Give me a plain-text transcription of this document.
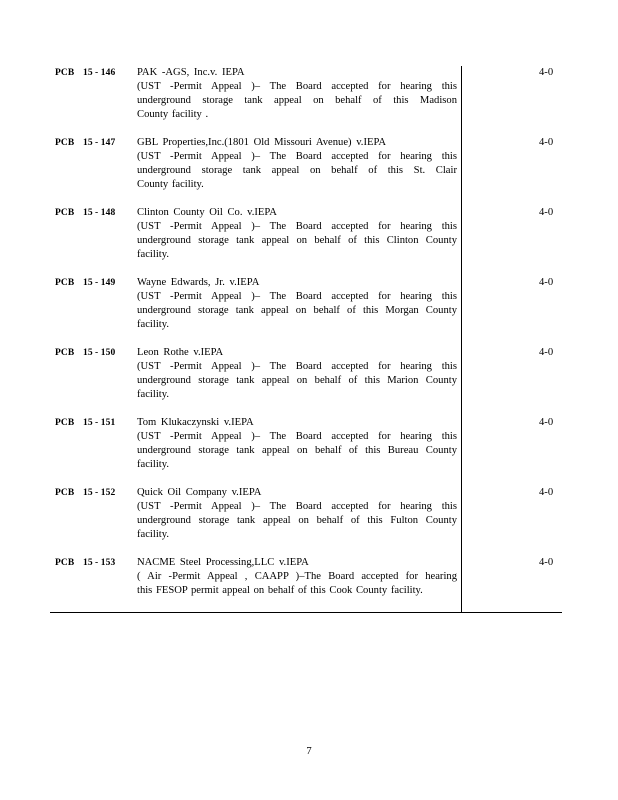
PCB 15 - 146 PAK -AGS, Inc.v. IEPA
(UST -Permit Appeal )– The Board accepted for hearing this
underground storage tank appeal on behalf of this Madison
County facility .
4-0
PCB 15 - 147 GBL Properties,Inc.(1801 Old Missouri Avenue) v.IEPA
(UST -Permit Appeal )– The Board accepted for hearing this
underground storage tank appeal on behalf of this St. Clair
County facility.
4-0
PCB 15 - 148 Clinton County Oil Co. v.IEPA
(UST -Permit Appeal )– The Board accepted for hearing this
underground storage tank appeal on behalf of this Clinton County
facility.
4-0
PCB 15 - 149 Wayne Edwards, Jr. v.IEPA
(UST -Permit Appeal )– The Board accepted for hearing this
underground storage tank appeal on behalf of this Morgan County
facility.
4-0
PCB 15 - 150 Leon Rothe v.IEPA
(UST -Permit Appeal )– The Board accepted for hearing this
underground storage tank appeal on behalf of this Marion County
facility.
4-0
PCB 15 - 151 Tom Klukaczynski v.IEPA
(UST -Permit Appeal )– The Board accepted for hearing this
underground storage tank appeal on behalf of this Bureau County
facility.
4-0
PCB 15 - 152 Quick Oil Company v.IEPA
(UST -Permit Appeal )– The Board accepted for hearing this
underground storage tank appeal on behalf of this Fulton County
facility.
4-0
PCB 15 - 153 NACME Steel Processing,LLC v.IEPA
( Air -Permit Appeal , CAAPP )–The Board accepted for hearing
this FESOP permit appeal on behalf of this Cook County facility.
4-0
7
